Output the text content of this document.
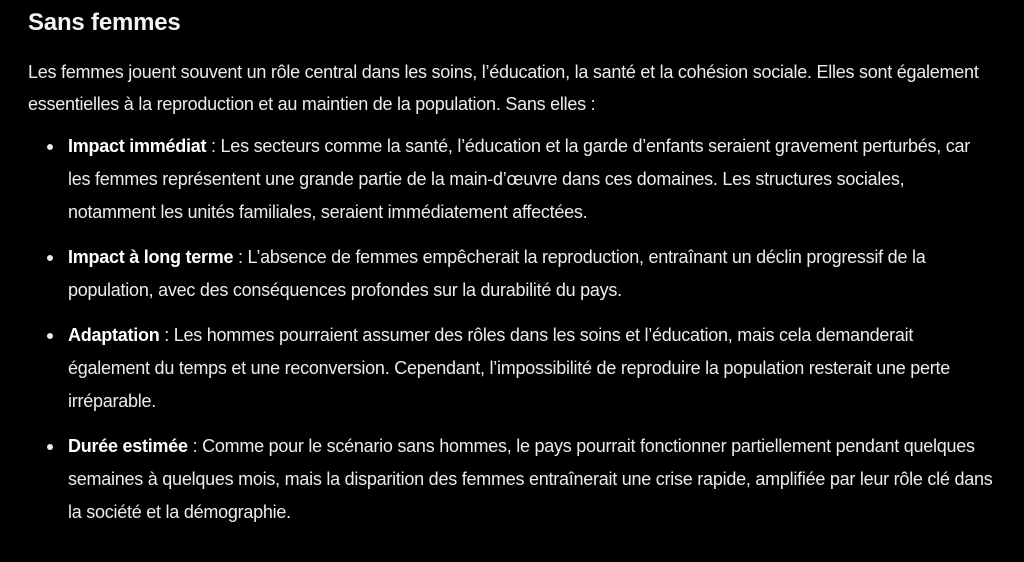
Sans femmes

Les femmes jouent souvent un rôle central dans les soins, l’éducation, la santé et la cohésion sociale. Elles sont également essentielles à la reproduction et au maintien de la population. Sans elles :

Impact immédiat : Les secteurs comme la santé, l’éducation et la garde d’enfants seraient gravement perturbés, car les femmes représentent une grande partie de la main-d’œuvre dans ces domaines. Les structures sociales, notamment les unités familiales, seraient immédiatement affectées.
Impact à long terme : L’absence de femmes empêcherait la reproduction, entraînant un déclin progressif de la population, avec des conséquences profondes sur la durabilité du pays.
Adaptation : Les hommes pourraient assumer des rôles dans les soins et l’éducation, mais cela demanderait également du temps et une reconversion. Cependant, l’impossibilité de reproduire la population resterait une perte irréparable.
Durée estimée : Comme pour le scénario sans hommes, le pays pourrait fonctionner partiellement pendant quelques semaines à quelques mois, mais la disparition des femmes entraînerait une crise rapide, amplifiée par leur rôle clé dans la société et la démographie.
